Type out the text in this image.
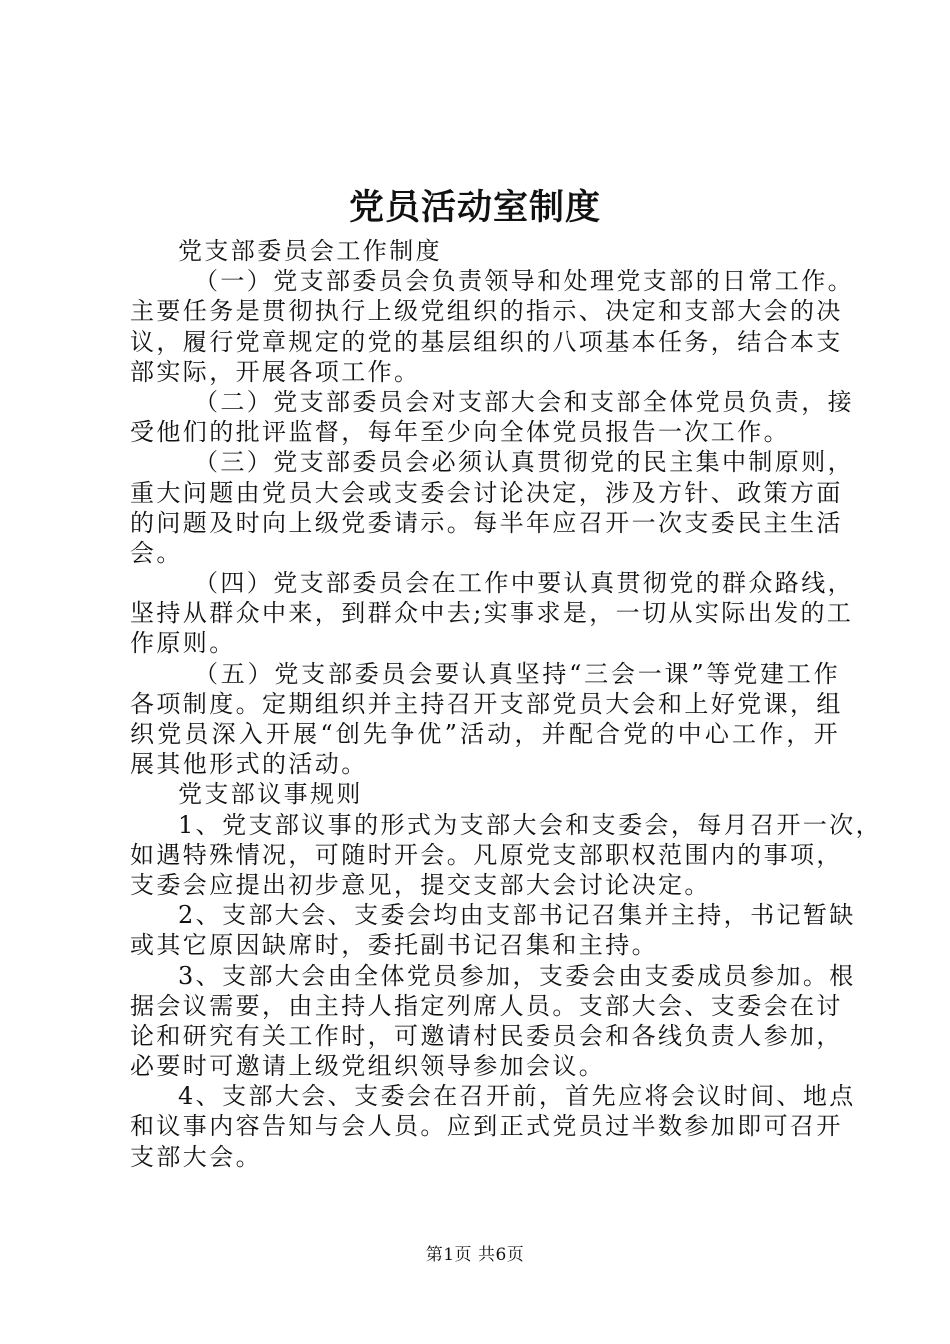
党员活动室制度
党支部委员会工作制度
（一）党支部委员会负责领导和处理党支部的日常工作。
主要任务是贯彻执行上级党组织的指示、决定和支部大会的决
议，履行党章规定的党的基层组织的八项基本任务，结合本支
部实际，开展各项工作。
（二）党支部委员会对支部大会和支部全体党员负责，接
受他们的批评监督，每年至少向全体党员报告一次工作。
（三）党支部委员会必须认真贯彻党的民主集中制原则，
重大问题由党员大会或支委会讨论决定，涉及方针、政策方面
的问题及时向上级党委请示。每半年应召开一次支委民主生活
会。
（四）党支部委员会在工作中要认真贯彻党的群众路线，
坚持从群众中来，到群众中去;实事求是，一切从实际出发的工
作原则。
（五）党支部委员会要认真坚持“三会一课”等党建工作
各项制度。定期组织并主持召开支部党员大会和上好党课，组
织党员深入开展“创先争优”活动，并配合党的中心工作，开
展其他形式的活动。
党支部议事规则
1、党支部议事的形式为支部大会和支委会，每月召开一次，
如遇特殊情况，可随时开会。凡原党支部职权范围内的事项，
支委会应提出初步意见，提交支部大会讨论决定。
2、支部大会、支委会均由支部书记召集并主持，书记暂缺
或其它原因缺席时，委托副书记召集和主持。
3、支部大会由全体党员参加，支委会由支委成员参加。根
据会议需要，由主持人指定列席人员。支部大会、支委会在讨
论和研究有关工作时，可邀请村民委员会和各线负责人参加，
必要时可邀请上级党组织领导参加会议。
4、支部大会、支委会在召开前，首先应将会议时间、地点
和议事内容告知与会人员。应到正式党员过半数参加即可召开
支部大会。
第1页 共6页
